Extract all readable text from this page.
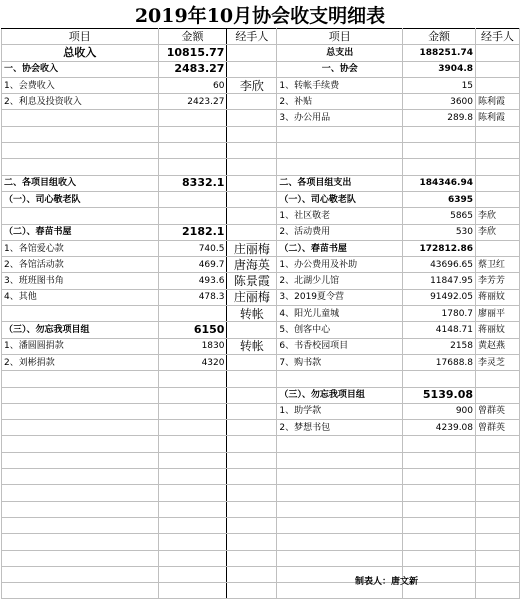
2019年10月协会收支明细表
项目	金额	经手人	项目	金额	经手人
总收入	10815.77		总支出	188251.74	
一、协会收入	2483.27		一、协会	3904.8	
1、会费收入	60	李欣	1、转帐手续费	15	
2、利息及投资收入	2423.27		2、补贴	3600	陈利霞
			3、办公用品	289.8	陈利霞

二、各项目组收入	8332.1		二、各项目组支出	184346.94	
（一）、司心敬老队			（一）、司心敬老队	6395	
			1、社区敬老	5865	李欣
（二）、春苗书屋	2182.1		2、活动费用	530	李欣
1、各馆爱心款	740.5	庄丽梅	（二）、春苗书屋	172812.86	
2、各馆活动款	469.7	唐海英	1、办公费用及补助	43696.65	蔡卫红
3、班班图书角	493.6	陈景霞	2、北湖少儿馆	11847.95	李芳芳
4、其他	478.3	庄丽梅	3、2019夏令营	91492.05	蒋丽妏
		转帐	4、阳光儿童城	1780.7	廖丽平
（三）、勿忘我项目组	6150		5、创客中心	4148.71	蒋丽妏
1、潘圆圆捐款	1830	转帐	6、书香校园项目	2158	黄赵燕
2、刘彬捐款	4320		7、购书款	17688.8	李灵芝

			（三）、勿忘我项目组	5139.08	
			1、助学款	900	曾群英
			2、梦想书包	4239.08	曾群英

制表人：唐文新
